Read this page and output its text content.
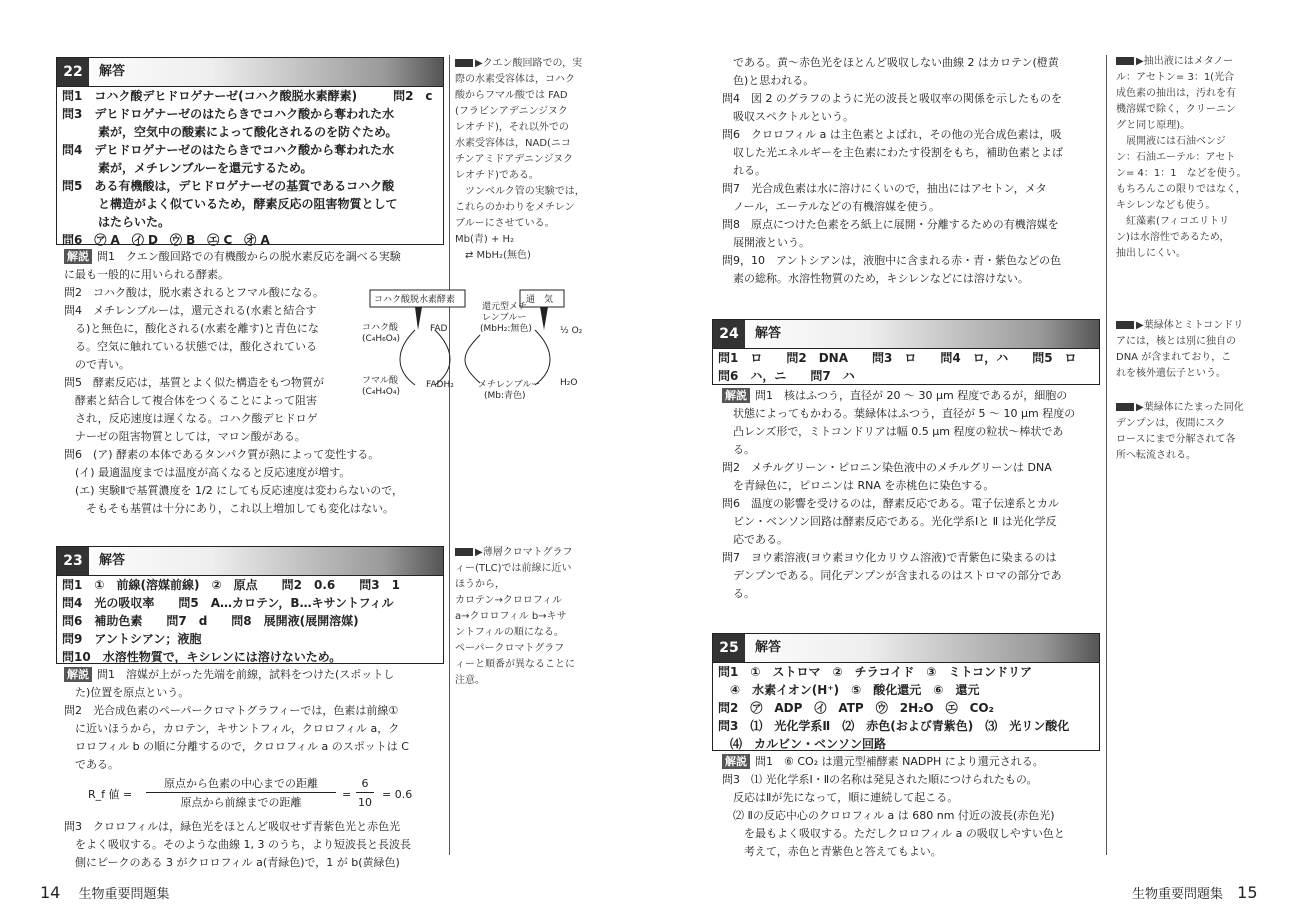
22	解答
問1　コハク酸デヒドロゲナーゼ(コハク酸脱水素酵素)　　　問2　c
問3　デヒドロゲナーゼのはたらきでコハク酸から奪われた水
　　　素が，空気中の酸素によって酸化されるのを防ぐため。
問4　デヒドロゲナーゼのはたらきでコハク酸から奪われた水
　　　素が，メチレンブルーを還元するため。
問5　ある有機酸は，デヒドロゲナーゼの基質であるコハク酸
　　　と構造がよく似ているため，酵素反応の阻害物質として
　　　はたらいた。
問6　㋐ A　㋑ D　㋒ B　㋓ C　㋔ A
解説 問1　クエン酸回路での有機酸からの脱水素反応を調べる実験
に最も一般的に用いられる酵素。
問2　コハク酸は，脱水素されるとフマル酸になる。
問4　メチレンブルーは，還元される(水素と結合す
　る)と無色に，酸化される(水素を離す)と青色にな
　る。空気に触れている状態では，酸化されている
　ので青い。
問5　酵素反応は，基質とよく似た構造をもつ物質が
　酵素と結合して複合体をつくることによって阻害
　され，反応速度は遅くなる。コハク酸デヒドロゲ
　ナーゼの阻害物質としては，マロン酸がある。
問6　(ア) 酵素の本体であるタンパク質が熱によって変性する。
　(イ) 最適温度までは温度が高くなると反応速度が増す。
　(エ) 実験Ⅱで基質濃度を 1/2 にしても反応速度は変わらないので，
　　そもそも基質は十分にあり，これ以上増加しても変化はない。
コハク酸脱水素酵素	通　気
コハク酸
(C₄H₆O₄)
FAD
フマル酸
(C₄H₄O₄)
FADH₂
還元型メチ
レンブルー
(MbH₂:無色)
メチレンブルー
(Mb:青色)
½ O₂
H₂O
▶クエン酸回路での，実
際の水素受容体は，コハク
酸からフマル酸では FAD
(フラビンアデニンジヌク
レオチド)，それ以外での
水素受容体は，NAD(ニコ
チンアミドアデニンジヌク
レオチド)である。
　ツンベルク管の実験では，
これらのかわりをメチレン
ブルーにさせている。
Mb(青) + H₂
　⇄ MbH₂(無色)
23	解答
問1　①　前線(溶媒前線)　②　原点　　問2　0.6　　問3　1
問4　光の吸収率　　問5　A…カロテン，B…キサントフィル
問6　補助色素　　問7　d　　問8　展開液(展開溶媒)
問9　アントシアン；液胞
問10　水溶性物質で，キシレンには溶けないため。
解説 問1　溶媒が上がった先端を前線，試料をつけた(スポットし
　た)位置を原点という。
問2　光合成色素のペーパークロマトグラフィーでは，色素は前線①
　に近いほうから，カロテン，キサントフィル，クロロフィル a，ク
　ロロフィル b の順に分離するので，クロロフィル a のスポットは C
　である。
R_f 値 =
原点から色素の中心までの距離
原点から前線までの距離
=
6
10
= 0.6
問3　クロロフィルは，緑色光をほとんど吸収せず青紫色光と赤色光
　をよく吸収する。そのような曲線 1, 3 のうち，より短波長と長波長
　側にピークのある 3 がクロロフィル a(青緑色)で，1 が b(黄緑色)
▶薄層クロマトグラフ
ィー(TLC)では前線に近い
ほうから，
カロテン→クロロフィル
a→クロロフィル b→キサ
ントフィルの順になる。
ペーパークロマトグラフ
ィーと順番が異なることに
注意。
　である。黄～赤色光をほとんど吸収しない曲線 2 はカロテン(橙黄
　色)と思われる。
問4　図 2 のグラフのように光の波長と吸収率の関係を示したものを
　吸収スペクトルという。
問6　クロロフィル a は主色素とよばれ，その他の光合成色素は，吸
　収した光エネルギーを主色素にわたす役割をもち，補助色素とよば
　れる。
問7　光合成色素は水に溶けにくいので，抽出にはアセトン，メタ
　ノール，エーテルなどの有機溶媒を使う。
問8　原点につけた色素をろ紙上に展開・分離するための有機溶媒を
　展開液という。
問9，10　アントシアンは，液胞中に含まれる赤・青・紫色などの色
　素の総称。水溶性物質のため，キシレンなどには溶けない。
▶抽出液にはメタノー
ル：アセトン= 3：1(光合
成色素の抽出は，汚れを有
機溶媒で除く，クリーニン
グと同じ原理)。
　展開液には石油ベンジ
ン：石油エーテル：アセト
ン= 4：1：1　などを使う。
もちろんこの限りではなく，
キシレンなども使う。
　紅藻素(フィコエリトリ
ン)は水溶性であるため，
抽出しにくい。
24	解答
問1　ロ　　問2　DNA　　問3　ロ　　問4　ロ，ハ　　問5　ロ
問6　ハ，ニ　　問7　ハ
解説 問1　核はふつう，直径が 20 ～ 30 μm 程度であるが，細胞の
　状態によってもかわる。葉緑体はふつう，直径が 5 ～ 10 μm 程度の
　凸レンズ形で，ミトコンドリアは幅 0.5 μm 程度の粒状～棒状であ
　る。
問2　メチルグリーン・ピロニン染色液中のメチルグリーンは DNA
　を青緑色に，ピロニンは RNA を赤桃色に染色する。
問6　温度の影響を受けるのは，酵素反応である。電子伝達系とカル
　ビン・ベンソン回路は酵素反応である。光化学系Ⅰと Ⅱ は光化学反
　応である。
問7　ヨウ素溶液(ヨウ素ヨウ化カリウム溶液)で青紫色に染まるのは
　デンプンである。同化デンプンが含まれるのはストロマの部分であ
　る。
▶葉緑体とミトコンドリ
アには，核とは別に独自の
DNA が含まれており，こ
れを核外遺伝子という。
▶葉緑体にたまった同化
デンプンは，夜間にスク
ロースにまで分解されて各
所へ転流される。
25	解答
問1　①　ストロマ　②　チラコイド　③　ミトコンドリア
　④　水素イオン(H⁺)　⑤　酸化還元　⑥　還元
問2　㋐　ADP　㋑　ATP　㋒　2H₂O　㋓　CO₂
問3　⑴　光化学系Ⅱ　⑵　赤色(および青紫色)　⑶　光リン酸化
　⑷　カルビン・ベンソン回路
解説 問1　⑥ CO₂ は還元型補酵素 NADPH により還元される。
問3　⑴ 光化学系Ⅰ・Ⅱの名称は発見された順につけられたもの。
　反応はⅡが先になって，順に連続して起こる。
　⑵ Ⅱの反応中心のクロロフィル a は 680 nm 付近の波長(赤色光)
　　を最もよく吸収する。ただしクロロフィル a の吸収しやすい色と
　　考えて，赤色と青紫色と答えてもよい。
14 生物重要問題集	生物重要問題集 15
